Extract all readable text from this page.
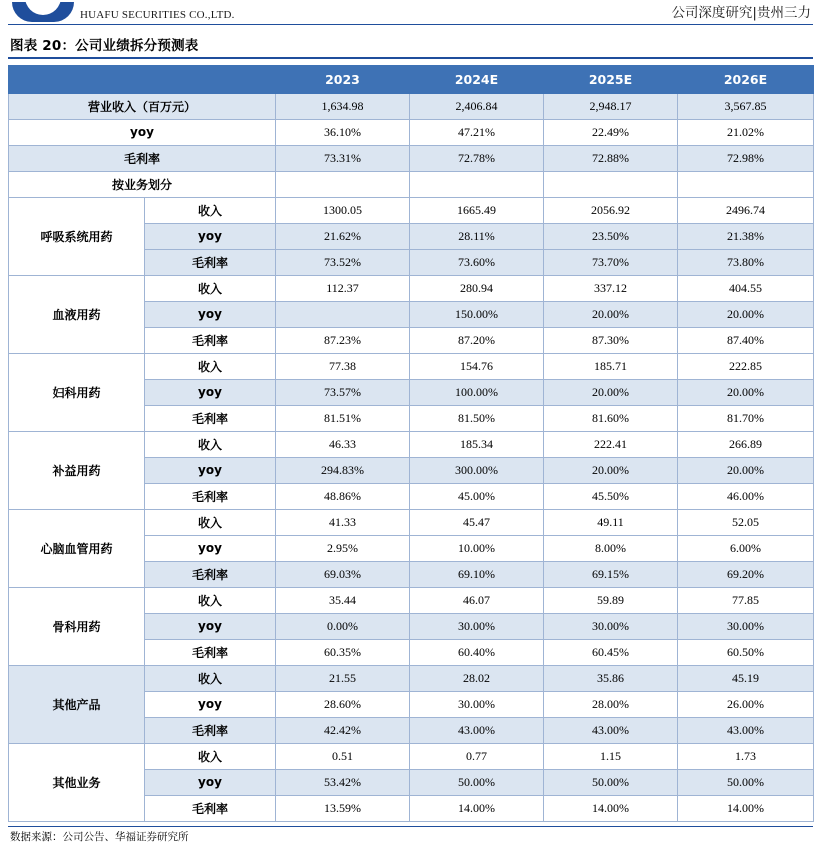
HUAFU SECURITIES CO.,LTD.	公司深度研究|贵州三力
图表 20：公司业绩拆分预测表
		2023	2024E	2025E	2026E
营业收入（百万元）		1,634.98	2,406.84	2,948.17	3,567.85
yoy		36.10%	47.21%	22.49%	21.02%
毛利率		73.31%	72.78%	72.88%	72.98%
按业务划分					
呼吸系统用药	收入	1300.05	1665.49	2056.92	2496.74
	yoy	21.62%	28.11%	23.50%	21.38%
	毛利率	73.52%	73.60%	73.70%	73.80%
血液用药	收入	112.37	280.94	337.12	404.55
	yoy		150.00%	20.00%	20.00%
	毛利率	87.23%	87.20%	87.30%	87.40%
妇科用药	收入	77.38	154.76	185.71	222.85
	yoy	73.57%	100.00%	20.00%	20.00%
	毛利率	81.51%	81.50%	81.60%	81.70%
补益用药	收入	46.33	185.34	222.41	266.89
	yoy	294.83%	300.00%	20.00%	20.00%
	毛利率	48.86%	45.00%	45.50%	46.00%
心脑血管用药	收入	41.33	45.47	49.11	52.05
	yoy	2.95%	10.00%	8.00%	6.00%
	毛利率	69.03%	69.10%	69.15%	69.20%
骨科用药	收入	35.44	46.07	59.89	77.85
	yoy	0.00%	30.00%	30.00%	30.00%
	毛利率	60.35%	60.40%	60.45%	60.50%
其他产品	收入	21.55	28.02	35.86	45.19
	yoy	28.60%	30.00%	28.00%	26.00%
	毛利率	42.42%	43.00%	43.00%	43.00%
其他业务	收入	0.51	0.77	1.15	1.73
	yoy	53.42%	50.00%	50.00%	50.00%
	毛利率	13.59%	14.00%	14.00%	14.00%
数据来源：公司公告、华福证券研究所
